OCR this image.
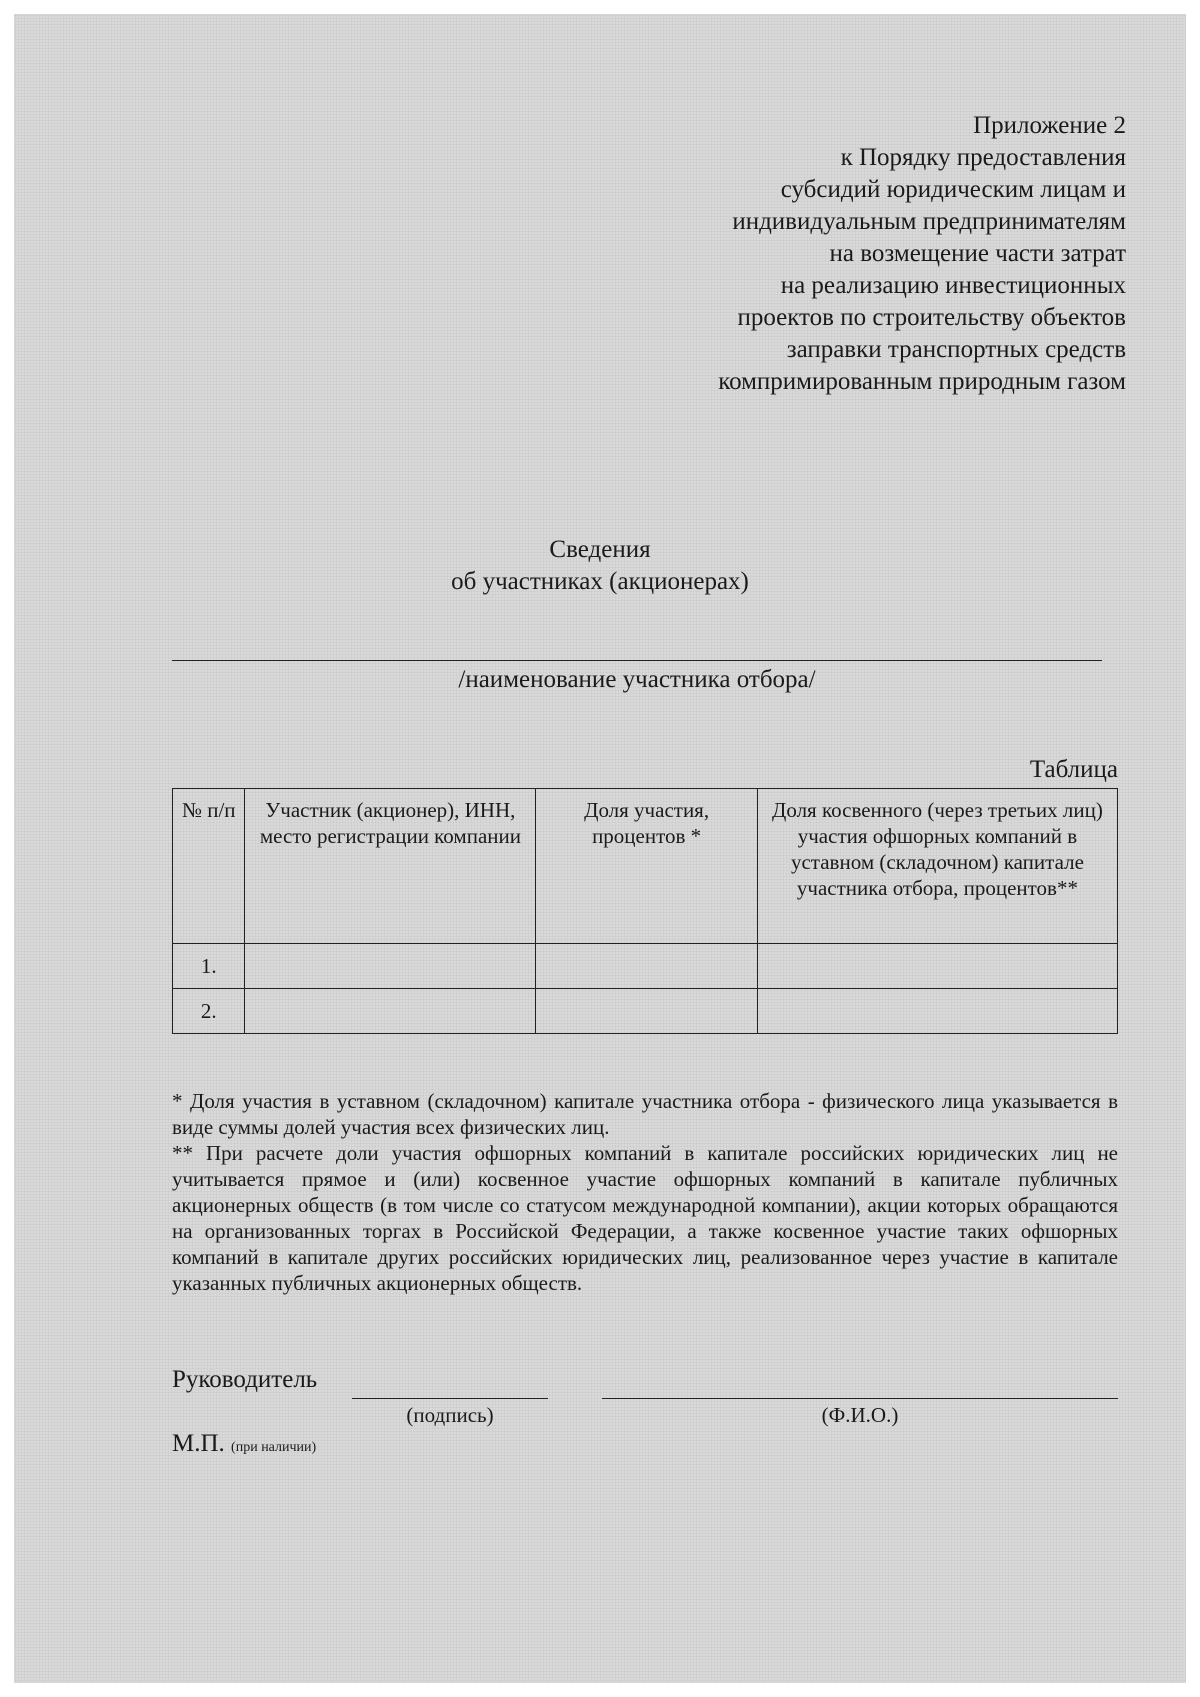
Приложение 2
к Порядку предоставления
субсидий юридическим лицам и
индивидуальным предпринимателям
на возмещение части затрат
на реализацию инвестиционных
проектов по строительству объектов
заправки транспортных средств
компримированным природным газом
Сведения
об участниках (акционерах)
/наименование участника отбора/
Таблица
№ п/п	Участник (акционер), ИНН, место регистрации компании	Доля участия, процентов *	Доля косвенного (через третьих лиц) участия офшорных компаний в уставном (складочном) капитале участника отбора, процентов**
1.			
2.			

* Доля участия в уставном (складочном) капитале участника отбора - физического лица указывается в виде суммы долей участия всех физических лиц.

** При расчете доли участия офшорных компаний в капитале российских юридических лиц не учитывается прямое и (или) косвенное участие офшорных компаний в капитале публичных акционерных обществ (в том числе со статусом международной компании), акции которых обращаются на организованных торгах в Российской Федерации, а также косвенное участие таких офшорных компаний в капитале других российских юридических лиц, реализованное через участие в капитале указанных публичных акционерных обществ.

Руководитель
(подпись)	(Ф.И.О.)
М.П. (при наличии)
